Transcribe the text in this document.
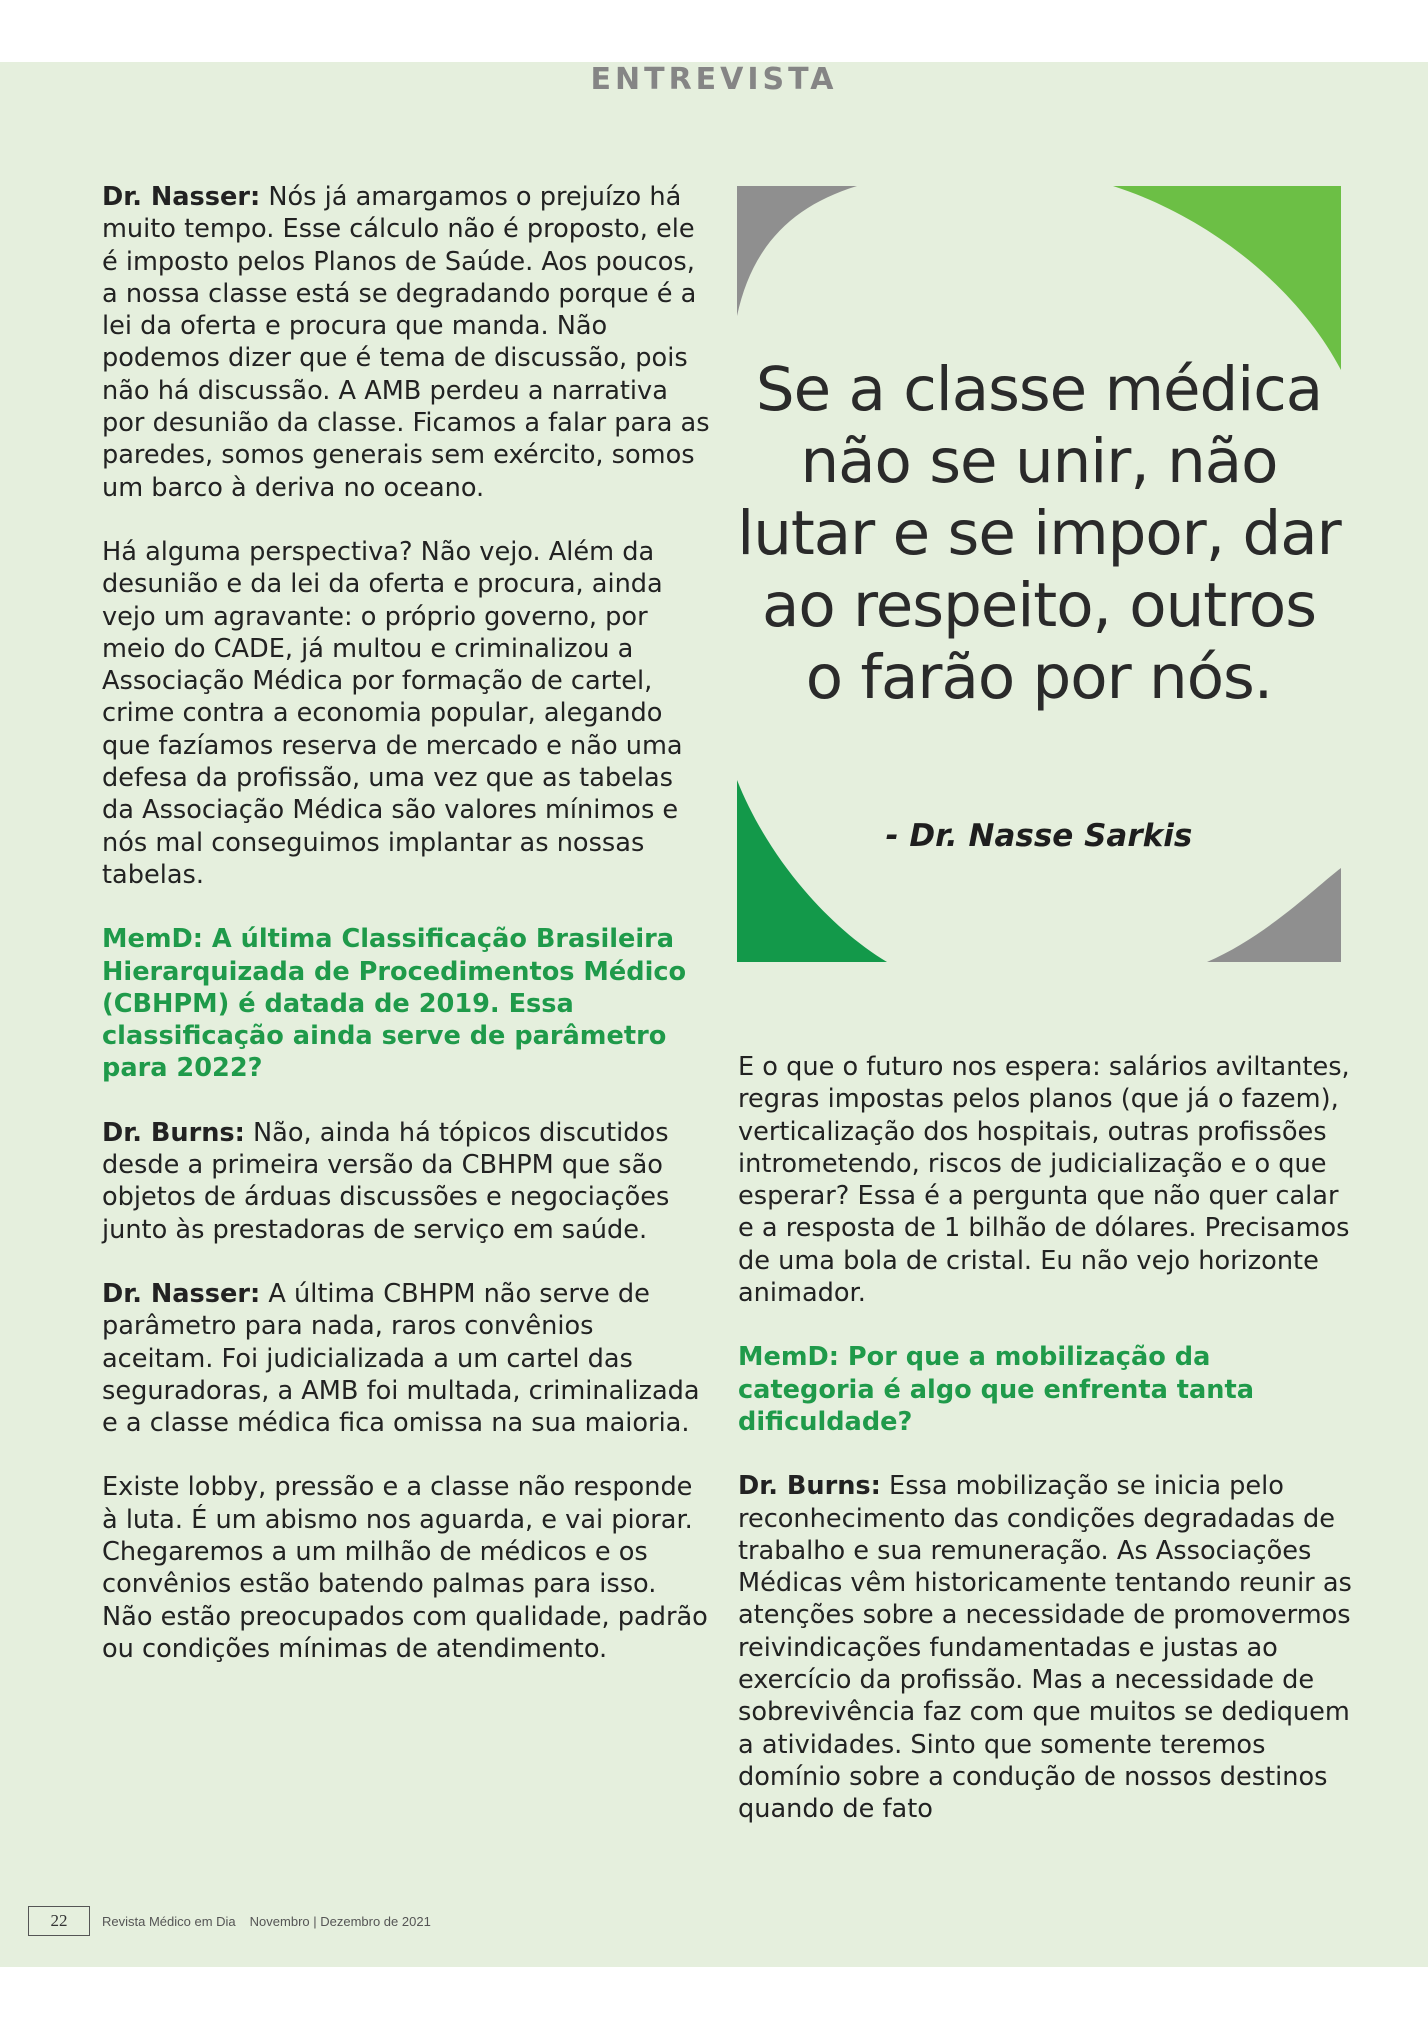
ENTREVISTA

Dr. Nasser: Nós já amargamos o prejuízo há muito tempo. Esse cálculo não é proposto, ele é imposto pelos Planos de Saúde. Aos poucos, a nossa classe está se degradando porque é a lei da oferta e procura que manda. Não podemos dizer que é tema de discussão, pois não há discussão. A AMB perdeu a narrativa por desunião da classe. Ficamos a falar para as paredes, somos generais sem exército, somos um barco à deriva no oceano.

Há alguma perspectiva? Não vejo. Além da desunião e da lei da oferta e procura, ainda vejo um agravante: o próprio governo, por meio do CADE, já multou e criminalizou a Associação Médica por formação de cartel, crime contra a economia popular, alegando que fazíamos reserva de mercado e não uma defesa da profissão, uma vez que as tabelas da Associação Médica são valores mínimos e nós mal conseguimos implantar as nossas tabelas.

MemD: A última Classificação Brasileira Hierarquizada de Procedimentos Médico (CBHPM) é datada de 2019. Essa classificação ainda serve de parâmetro para 2022?

Dr. Burns: Não, ainda há tópicos discutidos desde a primeira versão da CBHPM que são objetos de árduas discussões e negociações junto às prestadoras de serviço em saúde.

Dr. Nasser: A última CBHPM não serve de parâmetro para nada, raros convênios aceitam. Foi judicializada a um cartel das seguradoras, a AMB foi multada, criminalizada e a classe médica fica omissa na sua maioria.

Existe lobby, pressão e a classe não responde à luta. É um abismo nos aguarda, e vai piorar. Chegaremos a um milhão de médicos e os convênios estão batendo palmas para isso. Não estão preocupados com qualidade, padrão ou condições mínimas de atendimento.

Se a classe médica não se unir, não lutar e se impor, dar ao respeito, outros o farão por nós.
- Dr. Nasse Sarkis

E o que o futuro nos espera: salários aviltantes, regras impostas pelos planos (que já o fazem), verticalização dos hospitais, outras profissões intrometendo, riscos de judicialização e o que esperar? Essa é a pergunta que não quer calar e a resposta de 1 bilhão de dólares. Precisamos de uma bola de cristal. Eu não vejo horizonte animador.

MemD: Por que a mobilização da categoria é algo que enfrenta tanta dificuldade?

Dr. Burns: Essa mobilização se inicia pelo reconhecimento das condições degradadas de trabalho e sua remuneração. As Associações Médicas vêm historicamente tentando reunir as atenções sobre a necessidade de promovermos reivindicações fundamentadas e justas ao exercício da profissão. Mas a necessidade de sobrevivência faz com que muitos se dediquem a atividades. Sinto que somente teremos domínio sobre a condução de nossos destinos quando de fato

22	Revista Médico em Dia Novembro | Dezembro de 2021
